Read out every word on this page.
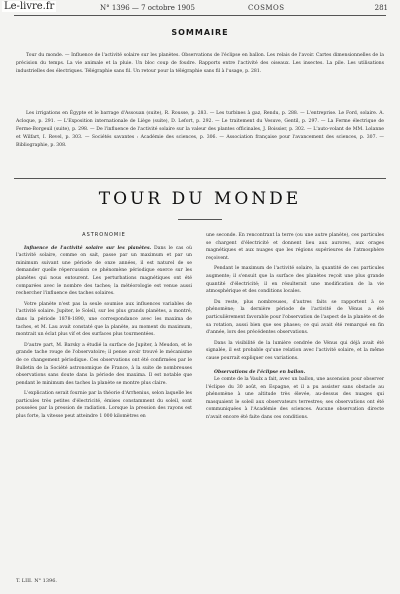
Le-livre.fr	N° 1396 — 7 octobre 1905	COSMOS	281
SOMMAIRE
Tour du monde. — Influence de l'activité solaire sur les planètes. Observations de l'éclipse en ballon. Les relais de l'avoir. Cartes dimensionnelles de la précision du temps. La vie animale et la pluie. Un bloc coup de foudre. Rapports entre l'activité des oiseaux. Les insectes. La pile. Les utilisations industrielles des électriques. Télégraphie sans fil. Un retour pour la télégraphie sans fil à l'usage, p. 281.
Les irrigations en Égypte et le barrage d'Assouan (suite), R. Rousse, p. 283. — Les turbines à gaz, Rendu, p. 288. — L'entreprise. Le Ford, solaire. A. Acloque, p. 291. — L'Exposition internationale de Liège (suite), D. Lefort, p. 292. — Le traitement du Vesuve, Gentil, p. 297. — La Ferme électrique de Ferme-Borgeuil (suite), p. 298. — De l'influence de l'activité solaire sur la valeur des plantes officinales, J. Boissier, p. 302. — L'auto-volant de MM. Lolanne et Wilfart, I. Revel, p. 303. — Sociétés savantes : Académie des sciences, p. 306. — Association française pour l'avancement des sciences, p. 307. — Bibliographie, p. 308.
TOUR DU MONDE
ASTRONOMIE

Influence de l'activité solaire sur les planètes. Dans le cas où l'activité solaire, comme on sait, passe par un maximum et par un minimum suivant une période de onze années, il est naturel de se demander quelle répercussion ce phénomène périodique exerce sur les planètes qui nous entourent. Les perturbations magnétiques ont été comparées avec le nombre des taches; la météorologie est venue aussi rechercher l'influence des taches solaires.

Votre planète n'est pas la seule soumise aux influences variables de l'activité solaire. Jupiter, le Soleil, sur les plus grands planètes, a montré, dans la période 1878-1890, une correspondance avec les maxima de taches, et M. Lau avait constaté que la planète, au moment du maximum, montrait un éclat plus vif et des surfaces plus tourmentées.

D'autre part, M. Barsky a étudié la surface de Jupiter, à Meudon, et le grande tache rouge de l'observatoire; il pense avoir trouvé le mécanisme de ce changement périodique. Ces observations ont été confirmées par le Bulletin de la Société astronomique de France, à la suite de nombreuses observations sans doute dans la période des maxima. Il est notable que pendant le minimum des taches la planète se montre plus claire.

L'explication serait fournie par la théorie d'Arrhenius, selon laquelle les particules très petites d'électricité, émises constamment du soleil, sont poussées par la pression de radiation. Lorsque la pression des rayons est plus forte, la vitesse peut atteindre 1 000 kilomètres en

une seconde. En rencontrant la terre (ou une autre planète), ces particules se chargent d'électricité et donnent lieu aux aurores, aux orages magnétiques et aux nuages que les régions supérieures de l'atmosphère reçoivent.

Pendant le maximum de l'activité solaire, la quantité de ces particules augmente; il s'ensuit que la surface des planètes reçoit une plus grande quantité d'électricité; il en résulterait une modification de la vie atmosphérique et des conditions locales.

Du reste, plus nombreuses, d'autres faits se rapportent à ce phénomène; la dernière période de l'activité de Vénus a été particulièrement favorable pour l'observation de l'aspect de la planète et de sa rotation, aussi bien que ses phases; ce qui avait été remarqué en fin d'année, lors des précédentes observations.

Dans la visibilité de la lumière cendrée de Vénus qui déjà avait été signalée, il est probable qu'une relation avec l'activité solaire, et la même cause pourrait expliquer ces variations.

Observations de l'éclipse en ballon.

Le comte de la Vaulx a fait, avec un ballon, une ascension pour observer l'éclipse du 30 août, en Espagne, et il a pu assister sans obstacle au phénomène à une altitude très élevée, au-dessus des nuages qui masquaient le soleil aux observateurs terrestres; ses observations ont été communiquées à l'Académie des sciences. Aucune observation directe n'avait encore été faite dans ces conditions.

T. LIII. N° 1396.
